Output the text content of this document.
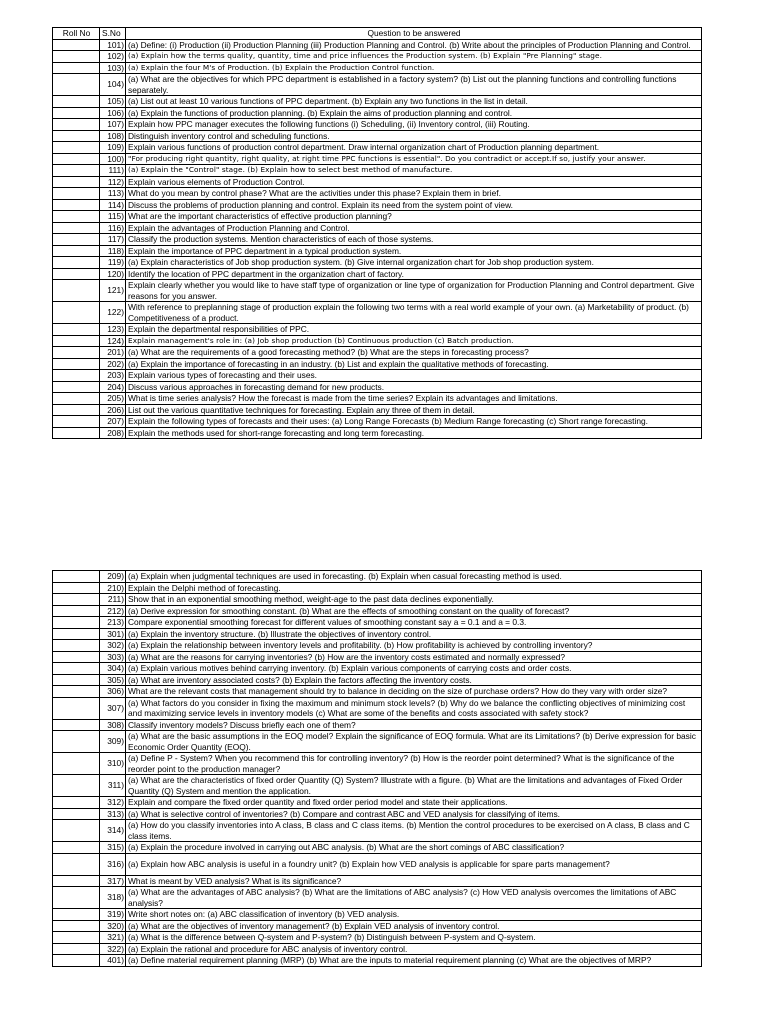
Roll No	S.No	Question to be answered
	101)	(a) Define: (i) Production (ii) Production Planning (iii) Production Planning and Control. (b) Write about the principles of Production Planning and Control.
	102)	(a) Explain how the terms quality, quantity, time and price influences the Production system. (b) Explain "Pre Planning" stage.
	103)	(a) Explain the four M's of Production. (b) Explain the Production Control function.
	104)	(a) What are the objectives for which PPC department is established in a factory system? (b) List out the planning functions and controlling functions separately.
	105)	(a) List out at least 10 various functions of PPC department. (b) Explain any two functions in the list in detail.
	106)	(a) Explain the functions of production planning. (b) Explain the aims of production planning and control.
	107)	Explain how PPC manager executes the following functions (i) Scheduling, (ii) Inventory control, (iii) Routing.
	108)	Distinguish inventory control and scheduling functions.
	109)	Explain various functions of production control department. Draw internal organization chart of Production planning department.
	100)	"For producing right quantity, right quality, at right time PPC functions is essential". Do you contradict or accept.If so, justify your answer.
	111)	(a) Explain the "Control" stage. (b) Explain how to select best method of manufacture.
	112)	Explain various elements of Production Control.
	113)	What do you mean by control phase? What are the activities under this phase? Explain them in brief.
	114)	Discuss the problems of production planning and control. Explain its need from the system point of view.
	115)	What are the important characteristics of effective production planning?
	116)	Explain the advantages of Production Planning and Control.
	117)	Classify the production systems. Mention characteristics of each of those systems.
	118)	Explain the importance of PPC department in a typical production system.
	119)	(a) Explain characteristics of Job shop production system. (b) Give internal organization chart for Job shop production system.
	120)	Identify the location of PPC department in the organization chart of factory.
	121)	Explain clearly whether you would like to have staff type of organization or line type of organization for Production Planning and Control department. Give reasons for you answer.
	122)	With reference to preplanning stage of production explain the following two terms with a real world example of your own. (a) Marketability of product. (b) Competitiveness of a product.
	123)	Explain the departmental responsibilities of PPC.
	124)	Explain management's role in: (a) Job shop production (b) Continuous production (c) Batch production.
	201)	(a) What are the requirements of a good forecasting method? (b) What are the steps in forecasting process?
	202)	(a) Explain the importance of forecasting in an industry. (b) List and explain the qualitative methods of forecasting.
	203)	Explain various types of forecasting and their uses.
	204)	Discuss various approaches in forecasting demand for new products.
	205)	What is time series analysis? How the forecast is made from the time series? Explain its advantages and limitations.
	206)	List out the various quantitative techniques for forecasting. Explain any three of them in detail.
	207)	Explain the following types of forecasts and their uses: (a) Long Range Forecasts (b) Medium Range forecasting (c) Short range forecasting.
	208)	Explain the methods used for short-range forecasting and long term forecasting.
	209)	(a) Explain when judgmental techniques are used in forecasting. (b) Explain when casual forecasting method is used.
	210)	Explain the Delphi method of forecasting.
	211)	Show that in an exponential smoothing method, weight-age to the past data declines exponentially.
	212)	(a) Derive expression for smoothing constant. (b) What are the effects of smoothing constant on the quality of forecast?
	213)	Compare exponential smoothing forecast for different values of smoothing constant say a = 0.1 and a = 0.3.
	301)	(a) Explain the inventory structure. (b) Illustrate the objectives of inventory control.
	302)	(a) Explain the relationship between inventory levels and profitability. (b) How profitability is achieved by controlling inventory?
	303)	(a) What are the reasons for carrying inventories? (b) How are the inventory costs estimated and normally expressed?
	304)	(a) Explain various motives behind carrying inventory. (b) Explain various components of carrying costs and order costs.
	305)	(a) What are inventory associated costs? (b) Explain the factors affecting the inventory costs.
	306)	What are the relevant costs that management should try to balance in deciding on the size of purchase orders? How do they vary with order size?
	307)	(a) What factors do you consider in fixing the maximum and minimum stock levels? (b) Why do we balance the conflicting objectives of minimizing cost and maximizing service levels in inventory models (c) What are some of the benefits and costs associated with safety stock?
	308)	Classify inventory models? Discuss briefly each one of them?
	309)	(a) What are the basic assumptions in the EOQ model? Explain the significance of EOQ formula. What are its Limitations? (b) Derive expression for basic Economic Order Quantity (EOQ).
	310)	(a) Define P - System? When you recommend this for controlling inventory? (b) How is the reorder point determined? What is the significance of the reorder point to the production manager?
	311)	(a) What are the characteristics of fixed order Quantity (Q) System? Illustrate with a figure. (b) What are the limitations and advantages of Fixed Order Quantity (Q) System and mention the application.
	312)	Explain and compare the fixed order quantity and fixed order period model and state their applications.
	313)	(a) What is selective control of inventories? (b) Compare and contrast ABC and VED analysis for classifying of items.
	314)	(a) How do you classify inventories into A class, B class and C class items. (b) Mention the control procedures to be exercised on A class, B class and C class items.
	315)	(a) Explain the procedure involved in carrying out ABC analysis. (b) What are the short comings of ABC classification?
	316)	(a) Explain how ABC analysis is useful in a foundry unit? (b) Explain how VED analysis is applicable for spare parts management?
	317)	What is meant by VED analysis? What is its significance?
	318)	(a) What are the advantages of ABC analysis? (b) What are the limitations of ABC analysis? (c) How VED analysis overcomes the limitations of ABC analysis?
	319)	Write short notes on: (a) ABC classification of inventory (b) VED analysis.
	320)	(a) What are the objectives of inventory management? (b) Explain VED analysis of inventory control.
	321)	(a) What is the difference between Q-system and P-system? (b) Distinguish between P-system and Q-system.
	322)	(a) Explain the rational and procedure for ABC analysis of inventory control.
	401)	(a) Define material requirement planning (MRP) (b) What are the inputs to material requirement planning (c) What are the objectives of MRP?
